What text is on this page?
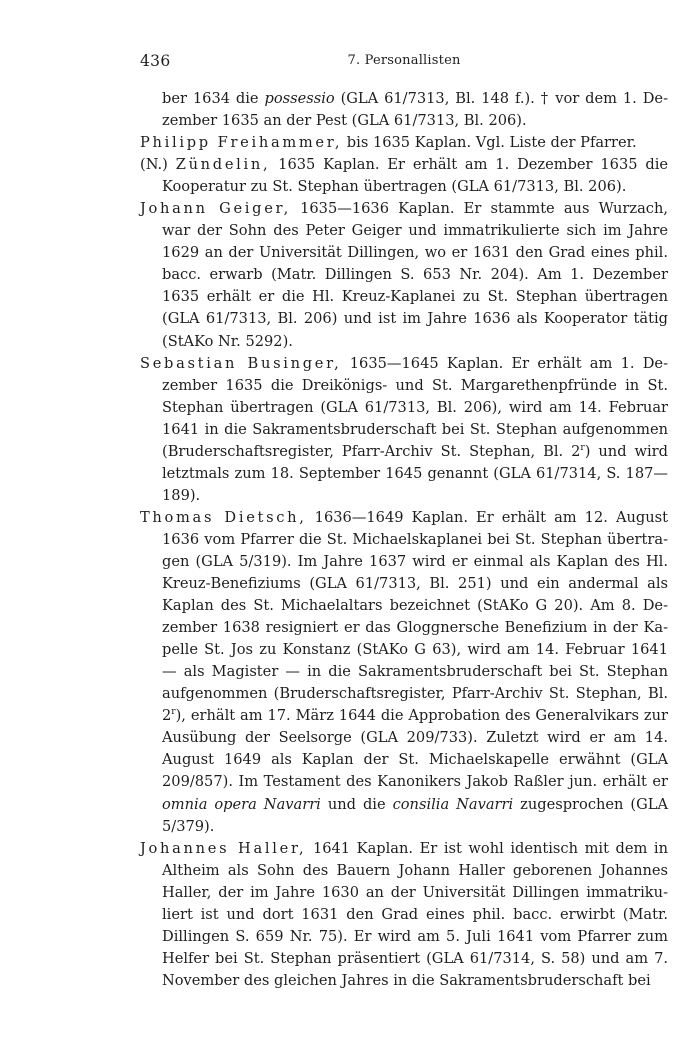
436	7. Personallisten

ber 1634 die possessio (GLA 61/7313, Bl. 148 f.). † vor dem 1. Dezember 1635 an der Pest (GLA 61/7313, Bl. 206).

Philipp Freihammer, bis 1635 Kaplan. Vgl. Liste der Pfarrer.

(N.) Zündelin, 1635 Kaplan. Er erhält am 1. Dezember 1635 die Kooperatur zu St. Stephan übertragen (GLA 61/7313, Bl. 206).

Johann Geiger, 1635—1636 Kaplan. Er stammte aus Wurzach, war der Sohn des Peter Geiger und immatrikulierte sich im Jahre 1629 an der Universität Dillingen, wo er 1631 den Grad eines phil. bacc. erwarb (Matr. Dillingen S. 653 Nr. 204). Am 1. Dezember 1635 erhält er die Hl. Kreuz-Kaplanei zu St. Stephan übertragen (GLA 61/7313, Bl. 206) und ist im Jahre 1636 als Kooperator tätig (StAKo Nr. 5292).

Sebastian Businger, 1635—1645 Kaplan. Er erhält am 1. Dezember 1635 die Dreikönigs- und St. Margarethenpfründe in St. Stephan übertragen (GLA 61/7313, Bl. 206), wird am 14. Februar 1641 in die Sakramentsbruderschaft bei St. Stephan aufgenommen (Bruderschaftsregister, Pfarr-Archiv St. Stephan, Bl. 2$^r$) und wird letztmals zum 18. September 1645 genannt (GLA 61/7314, S. 187—189).

Thomas Dietsch, 1636—1649 Kaplan. Er erhält am 12. August 1636 vom Pfarrer die St. Michaelskaplanei bei St. Stephan übertragen (GLA 5/319). Im Jahre 1637 wird er einmal als Kaplan des Hl. Kreuz-Benefiziums (GLA 61/7313, Bl. 251) und ein andermal als Kaplan des St. Michaelaltars bezeichnet (StAKo G 20). Am 8. Dezember 1638 resigniert er das Gloggnersche Benefizium in der Kapelle St. Jos zu Konstanz (StAKo G 63), wird am 14. Februar 1641 — als Magister — in die Sakramentsbruderschaft bei St. Stephan aufgenommen (Bruderschaftsregister, Pfarr-Archiv St. Stephan, Bl. 2$^r$), erhält am 17. März 1644 die Approbation des Generalvikars zur Ausübung der Seelsorge (GLA 209/733). Zuletzt wird er am 14. August 1649 als Kaplan der St. Michaelskapelle erwähnt (GLA 209/857). Im Testament des Kanonikers Jakob Raßler jun. erhält er omnia opera Navarri und die consilia Navarri zugesprochen (GLA 5/379).

Johannes Haller, 1641 Kaplan. Er ist wohl identisch mit dem in Altheim als Sohn des Bauern Johann Haller geborenen Johannes Haller, der im Jahre 1630 an der Universität Dillingen immatrikuliert ist und dort 1631 den Grad eines phil. bacc. erwirbt (Matr. Dillingen S. 659 Nr. 75). Er wird am 5. Juli 1641 vom Pfarrer zum Helfer bei St. Stephan präsentiert (GLA 61/7314, S. 58) und am 7. November des gleichen Jahres in die Sakramentsbruderschaft bei
